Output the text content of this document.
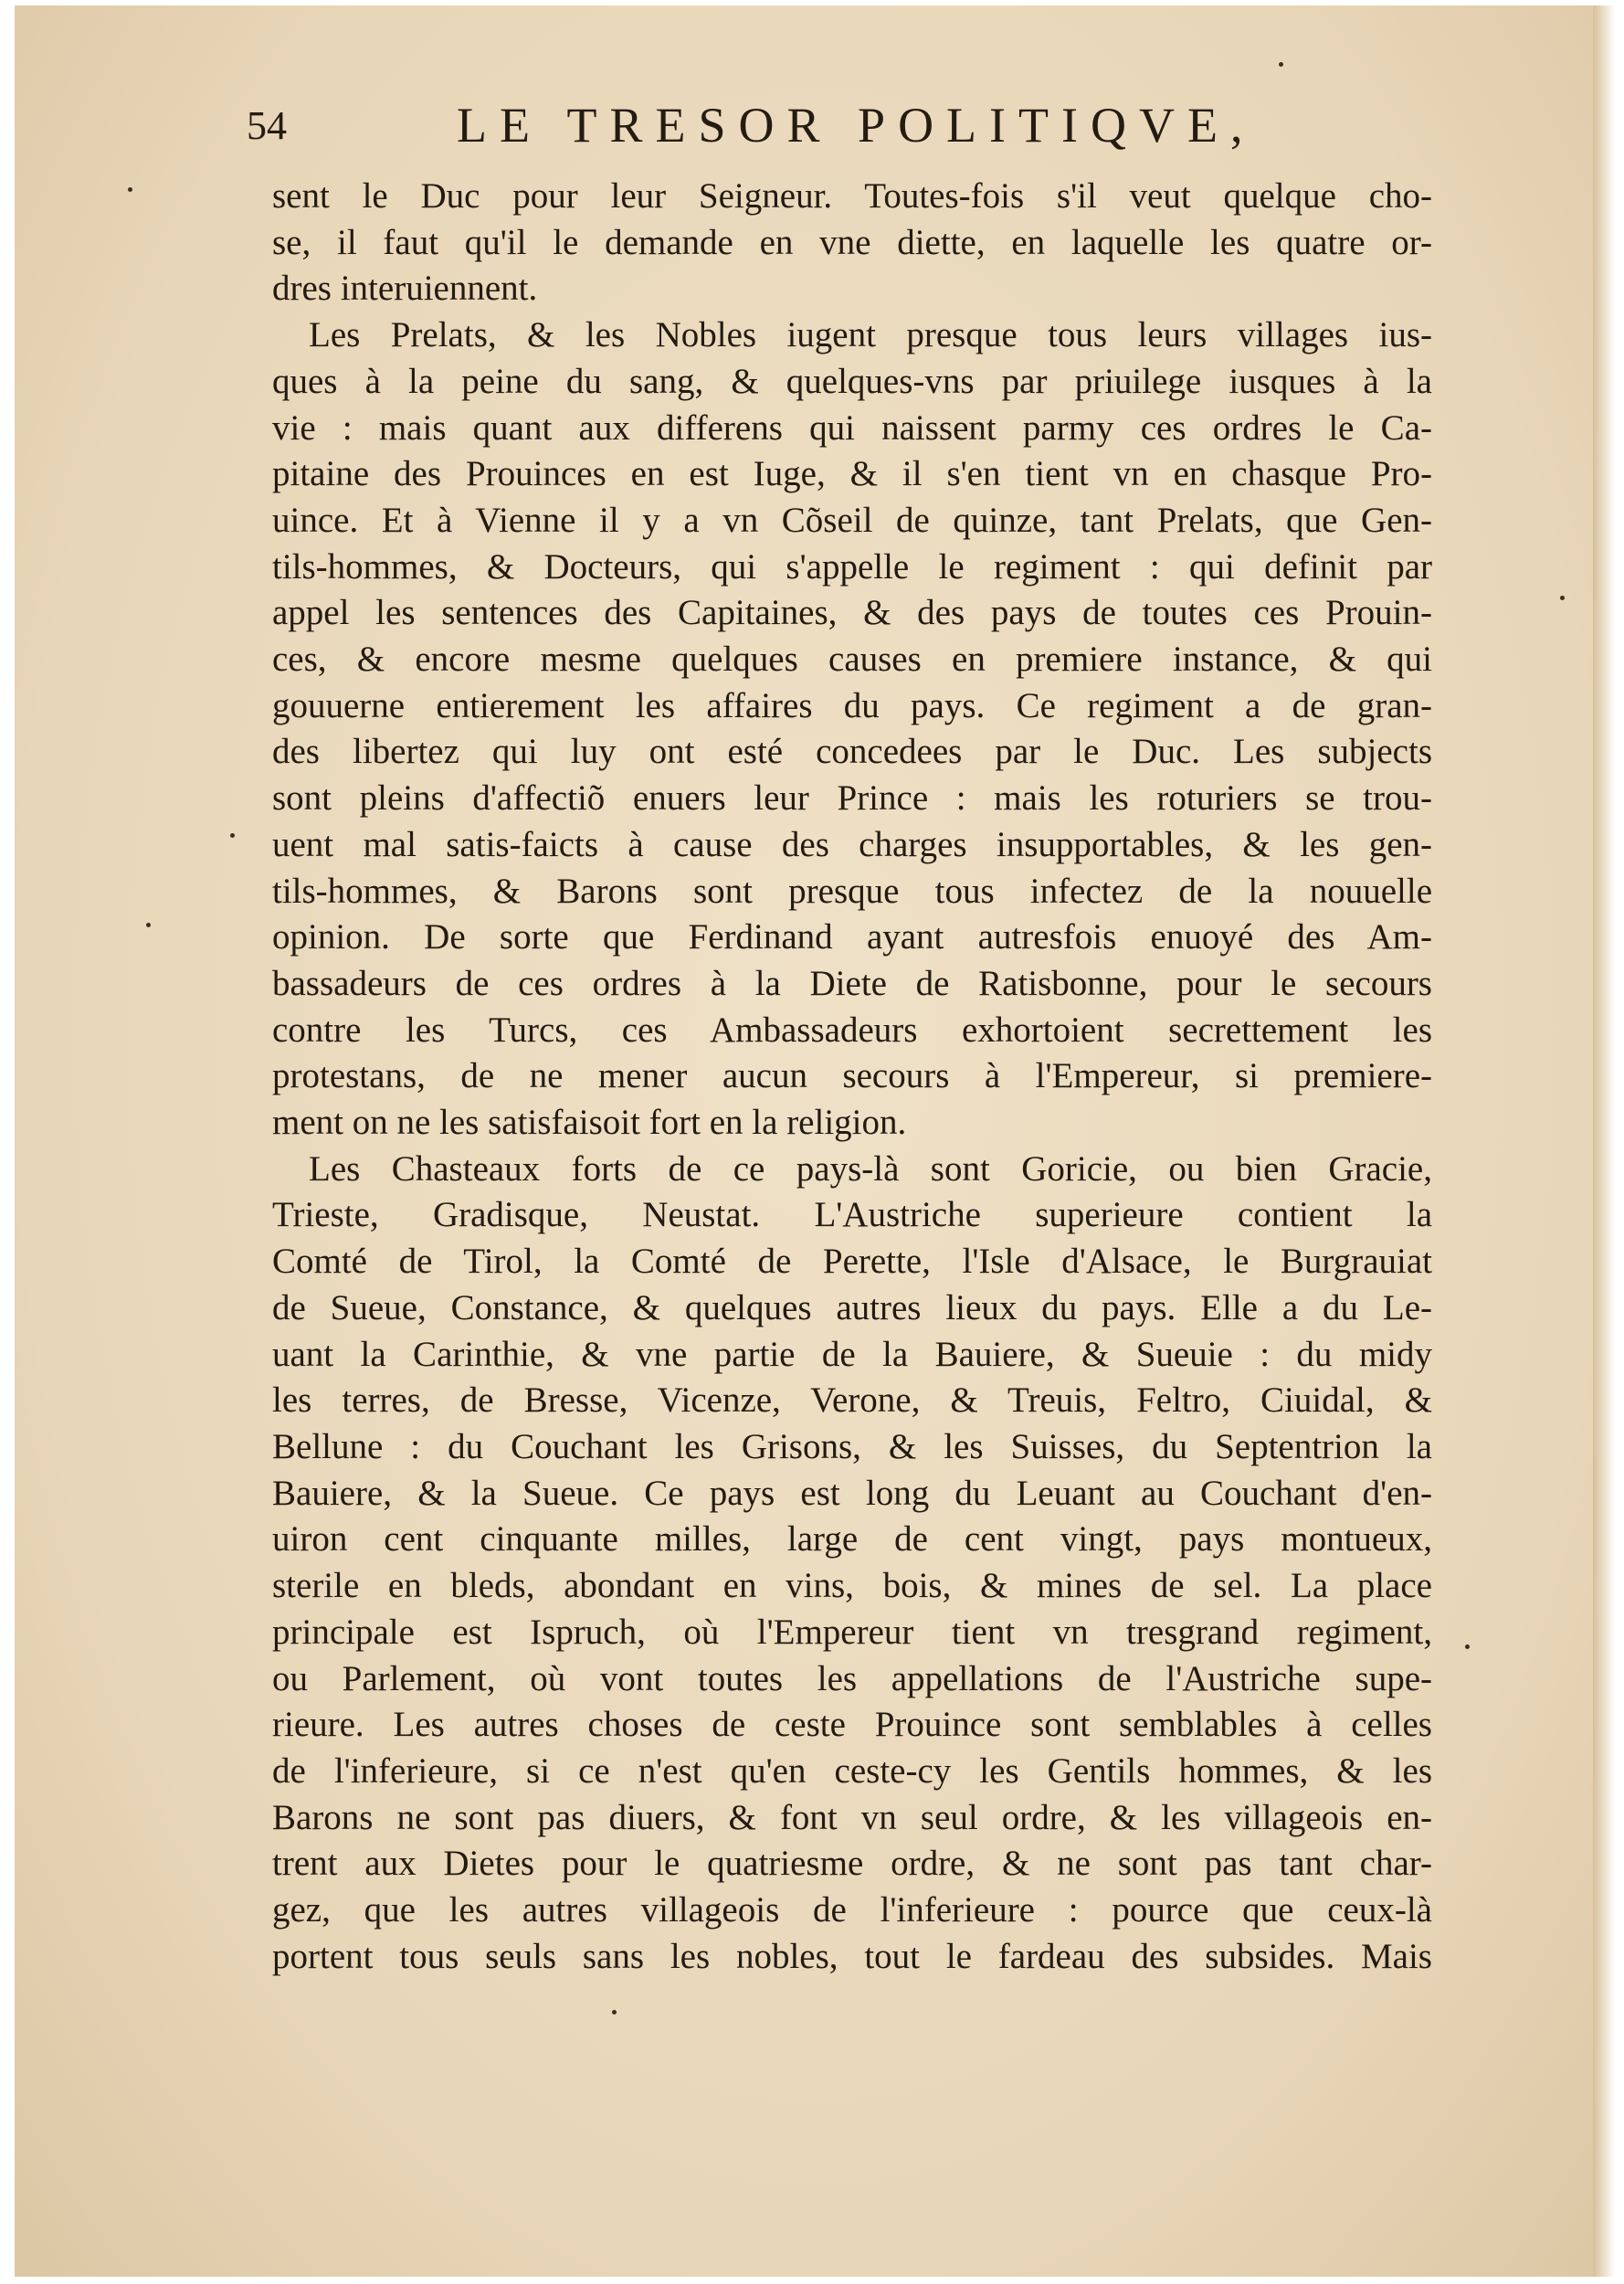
54	LE TRESOR POLITIQVE,
sent le Duc pour leur Seigneur. Toutes-fois s'il veut quelque cho-
se, il faut qu'il le demande en vne diette, en laquelle les quatre or-
dres interuiennent.
Les Prelats, & les Nobles iugent presque tous leurs villages ius-
ques à la peine du sang, & quelques-vns par priuilege iusques à la
vie : mais quant aux differens qui naissent parmy ces ordres le Ca-
pitaine des Prouinces en est Iuge, & il s'en tient vn en chasque Pro-
uince. Et à Vienne il y a vn Cõseil de quinze, tant Prelats, que Gen-
tils-hommes, & Docteurs, qui s'appelle le regiment : qui definit par
appel les sentences des Capitaines, & des pays de toutes ces Prouin-
ces, & encore mesme quelques causes en premiere instance, & qui
gouuerne entierement les affaires du pays. Ce regiment a de gran-
des libertez qui luy ont esté concedees par le Duc. Les subjects
sont pleins d'affectiõ enuers leur Prince : mais les roturiers se trou-
uent mal satis-faicts à cause des charges insupportables, & les gen-
tils-hommes, & Barons sont presque tous infectez de la nouuelle
opinion. De sorte que Ferdinand ayant autresfois enuoyé des Am-
bassadeurs de ces ordres à la Diete de Ratisbonne, pour le secours
contre les Turcs, ces Ambassadeurs exhortoient secrettement les
protestans, de ne mener aucun secours à l'Empereur, si premiere-
ment on ne les satisfaisoit fort en la religion.
Les Chasteaux forts de ce pays-là sont Goricie, ou bien Gracie,
Trieste, Gradisque, Neustat. L'Austriche superieure contient la
Comté de Tirol, la Comté de Perette, l'Isle d'Alsace, le Burgrauiat
de Sueue, Constance, & quelques autres lieux du pays. Elle a du Le-
uant la Carinthie, & vne partie de la Bauiere, & Sueuie : du midy
les terres, de Bresse, Vicenze, Verone, & Treuis, Feltro, Ciuidal, &
Bellune : du Couchant les Grisons, & les Suisses, du Septentrion la
Bauiere, & la Sueue. Ce pays est long du Leuant au Couchant d'en-
uiron cent cinquante milles, large de cent vingt, pays montueux,
sterile en bleds, abondant en vins, bois, & mines de sel. La place
principale est Ispruch, où l'Empereur tient vn tresgrand regiment,
ou Parlement, où vont toutes les appellations de l'Austriche supe-
rieure. Les autres choses de ceste Prouince sont semblables à celles
de l'inferieure, si ce n'est qu'en ceste-cy les Gentils hommes, & les
Barons ne sont pas diuers, & font vn seul ordre, & les villageois en-
trent aux Dietes pour le quatriesme ordre, & ne sont pas tant char-
gez, que les autres villageois de l'inferieure : pource que ceux-là
portent tous seuls sans les nobles, tout le fardeau des subsides. Mais
